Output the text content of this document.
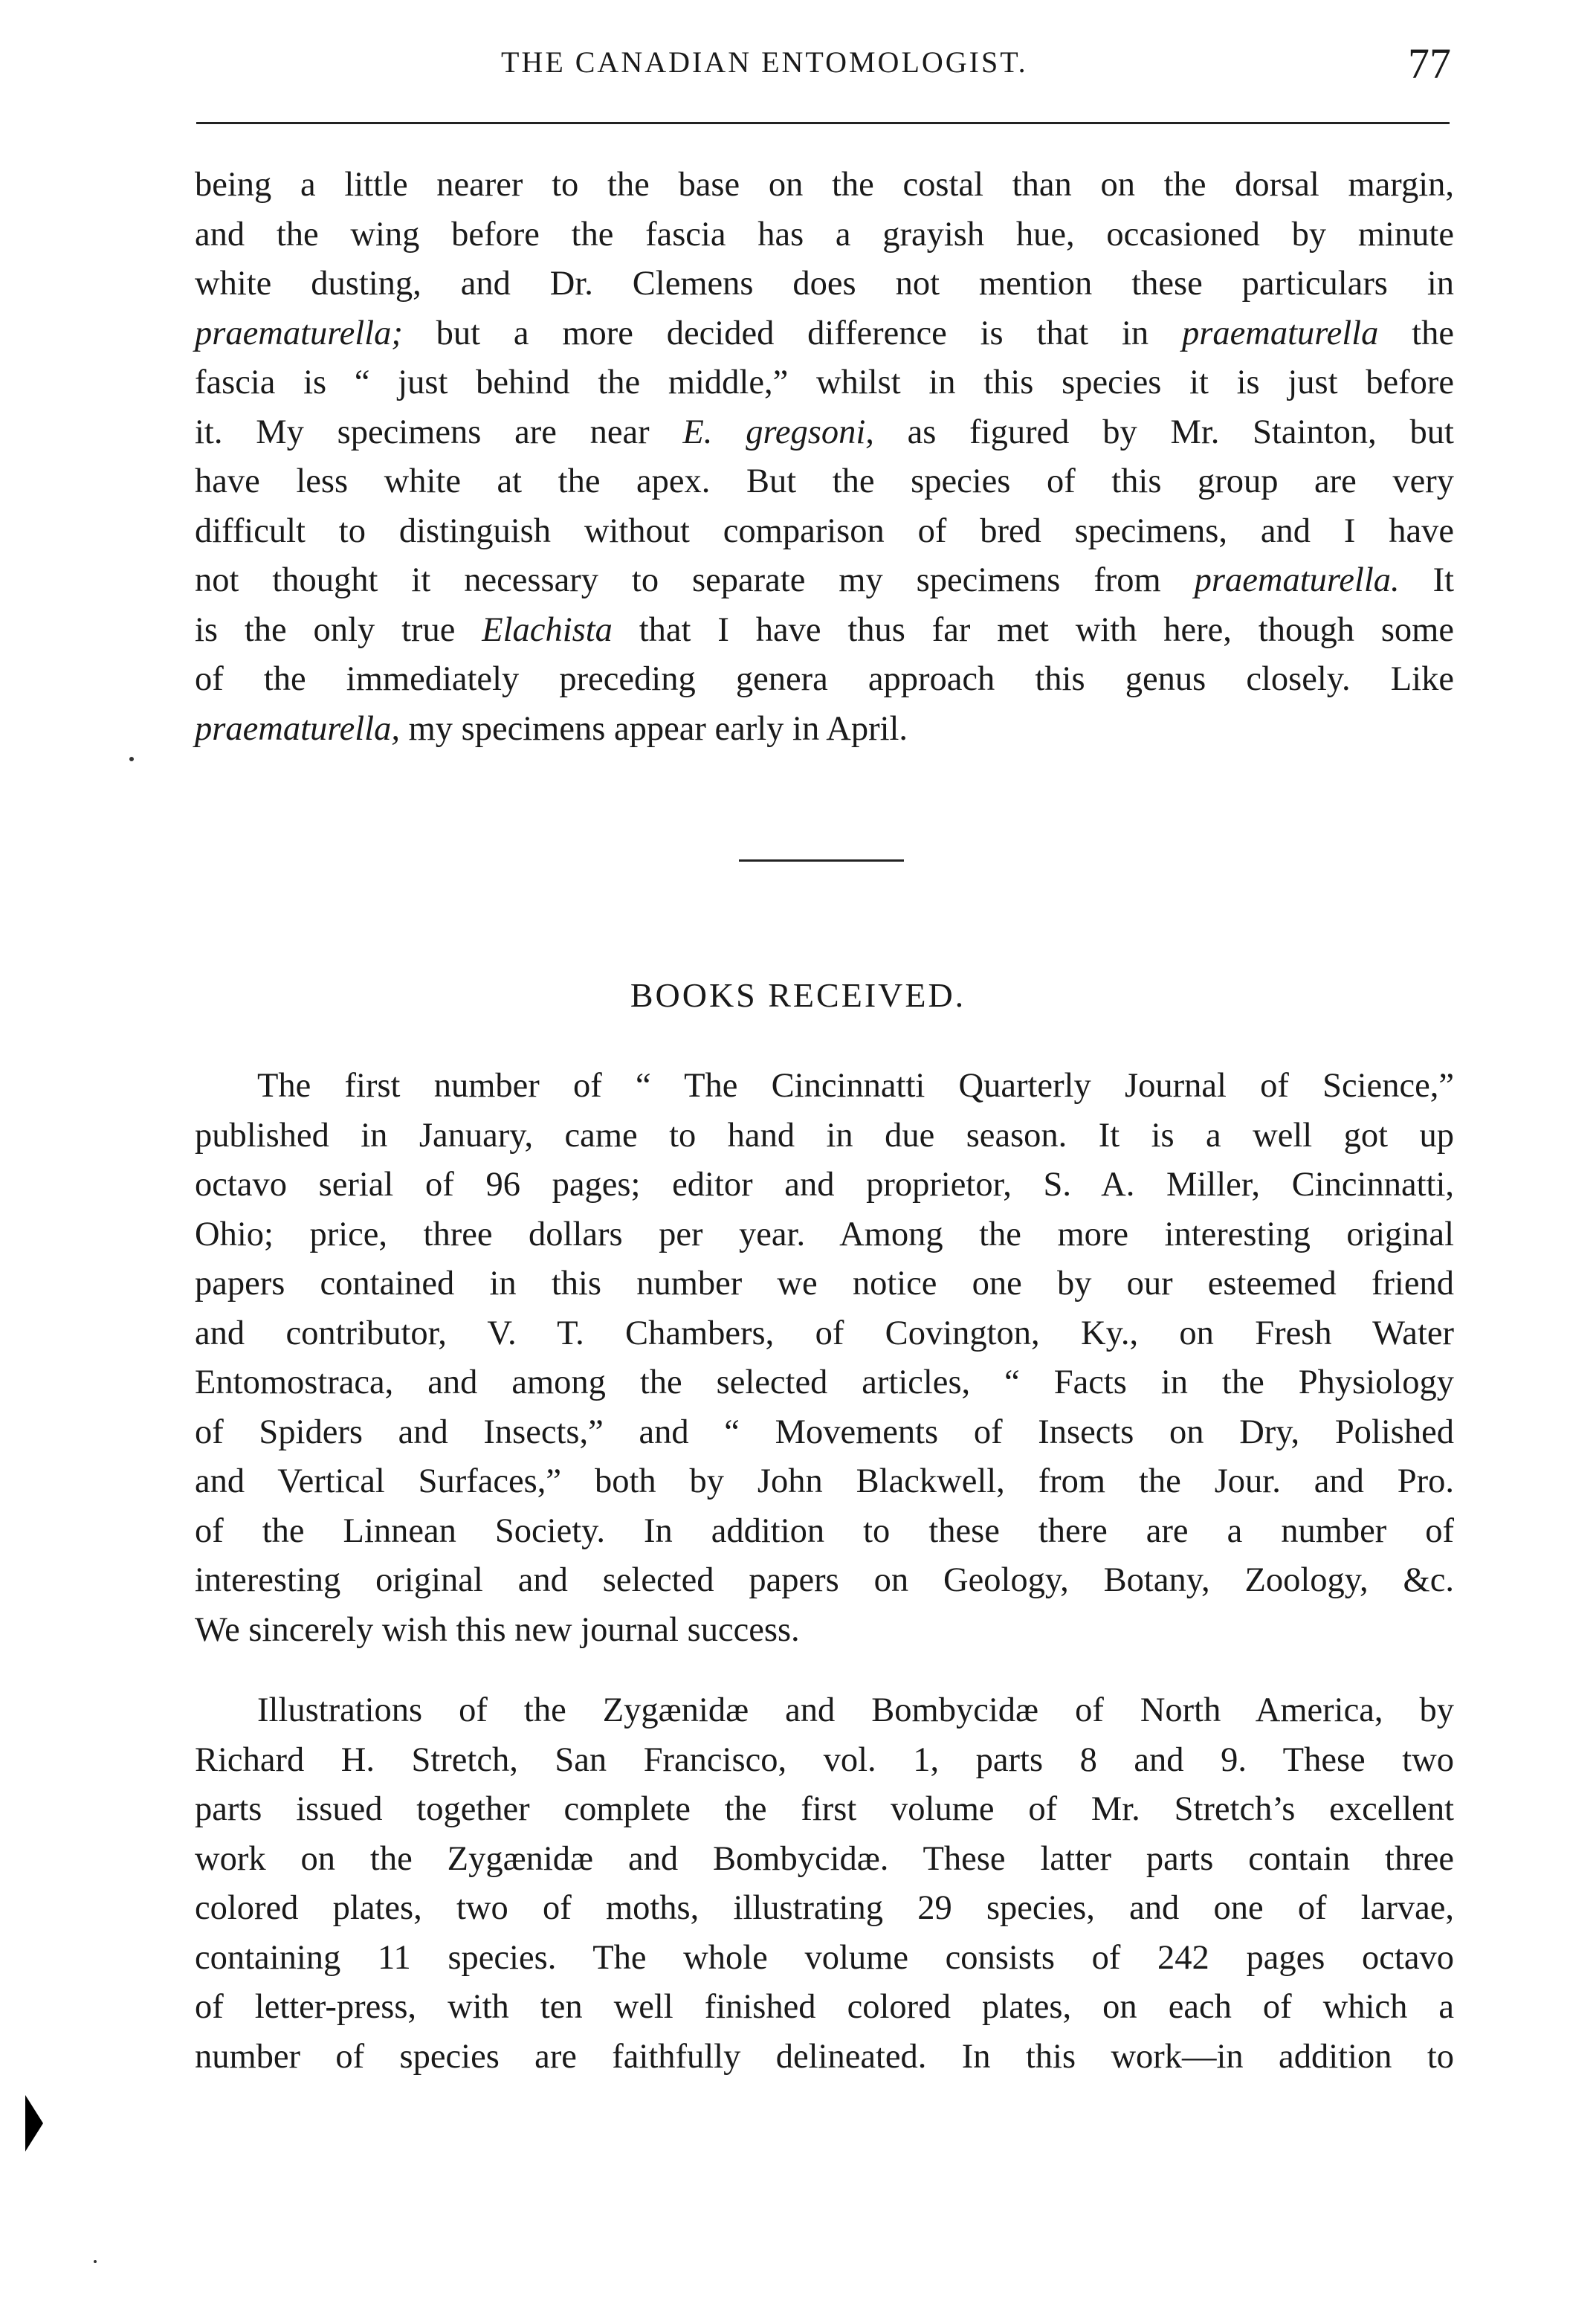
THE CANADIAN ENTOMOLOGIST.	77
being a little nearer to the base on the costal than on the dorsal margin,
and the wing before the fascia has a grayish hue, occasioned by minute
white dusting, and Dr. Clemens does not mention these particulars in
praematurella; but a more decided difference is that in praematurella the
fascia is “ just behind the middle,” whilst in this species it is just before
it. My specimens are near E. gregsoni, as figured by Mr. Stainton, but
have less white at the apex. But the species of this group are very
difficult to distinguish without comparison of bred specimens, and I have
not thought it necessary to separate my specimens from praematurella. It
is the only true Elachista that I have thus far met with here, though some
of the immediately preceding genera approach this genus closely. Like
praematurella, my specimens appear early in April.
BOOKS RECEIVED.
The first number of “ The Cincinnatti Quarterly Journal of Science,”
published in January, came to hand in due season. It is a well got up
octavo serial of 96 pages; editor and proprietor, S. A. Miller, Cincinnatti,
Ohio; price, three dollars per year. Among the more interesting original
papers contained in this number we notice one by our esteemed friend
and contributor, V. T. Chambers, of Covington, Ky., on Fresh Water
Entomostraca, and among the selected articles, “ Facts in the Physiology
of Spiders and Insects,” and “ Movements of Insects on Dry, Polished
and Vertical Surfaces,” both by John Blackwell, from the Jour. and Pro.
of the Linnean Society. In addition to these there are a number of
interesting original and selected papers on Geology, Botany, Zoology, &c.
We sincerely wish this new journal success.
Illustrations of the Zygænidæ and Bombycidæ of North America, by
Richard H. Stretch, San Francisco, vol. 1, parts 8 and 9. These two
parts issued together complete the first volume of Mr. Stretch’s excellent
work on the Zygænidæ and Bombycidæ. These latter parts contain three
colored plates, two of moths, illustrating 29 species, and one of larvae,
containing 11 species. The whole volume consists of 242 pages octavo
of letter-press, with ten well finished colored plates, on each of which a
number of species are faithfully delineated. In this work—in addition to
